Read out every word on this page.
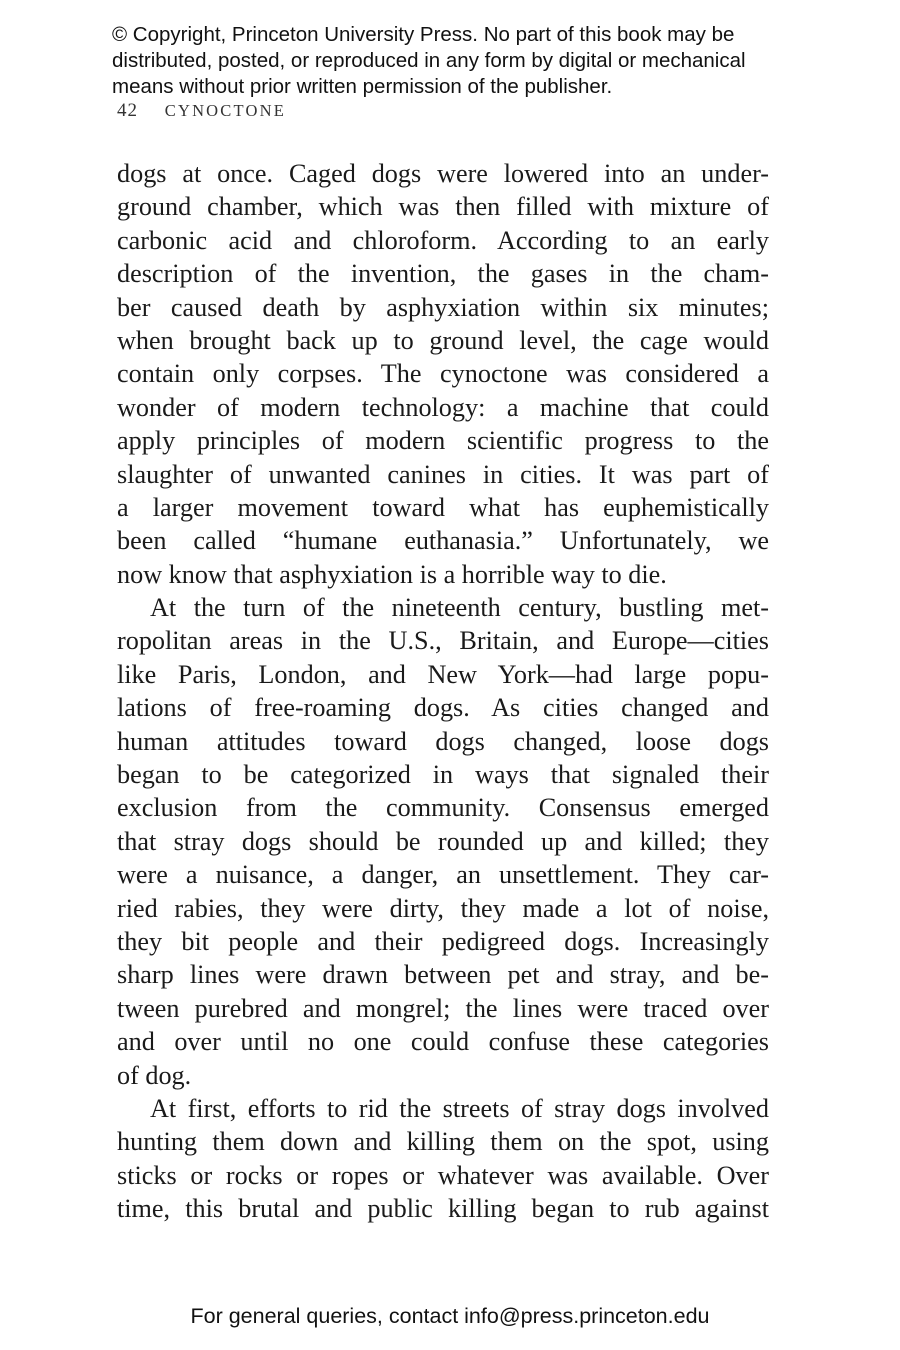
© Copyright, Princeton University Press. No part of this book may be
distributed, posted, or reproduced in any form by digital or mechanical
means without prior written permission of the publisher.
42 CYNOCTONE
dogs at once. Caged dogs were lowered into an under-
ground chamber, which was then filled with mixture of
carbonic acid and chloroform. According to an early
description of the invention, the gases in the cham-
ber caused death by asphyxiation within six minutes;
when brought back up to ground level, the cage would
contain only corpses. The cynoctone was considered a
wonder of modern technology: a machine that could
apply principles of modern scientific progress to the
slaughter of unwanted canines in cities. It was part of
a larger movement toward what has euphemistically
been called “humane euthanasia.” Unfortunately, we
now know that asphyxiation is a horrible way to die.
At the turn of the nineteenth century, bustling met-
ropolitan areas in the U.S., Britain, and Europe—cities
like Paris, London, and New York—had large popu-
lations of free-roaming dogs. As cities changed and
human attitudes toward dogs changed, loose dogs
began to be categorized in ways that signaled their
exclusion from the community. Consensus emerged
that stray dogs should be rounded up and killed; they
were a nuisance, a danger, an unsettlement. They car-
ried rabies, they were dirty, they made a lot of noise,
they bit people and their pedigreed dogs. Increasingly
sharp lines were drawn between pet and stray, and be-
tween purebred and mongrel; the lines were traced over
and over until no one could confuse these categories
of dog.
At first, efforts to rid the streets of stray dogs involved
hunting them down and killing them on the spot, using
sticks or rocks or ropes or whatever was available. Over
time, this brutal and public killing began to rub against
For general queries, contact info@press.princeton.edu
